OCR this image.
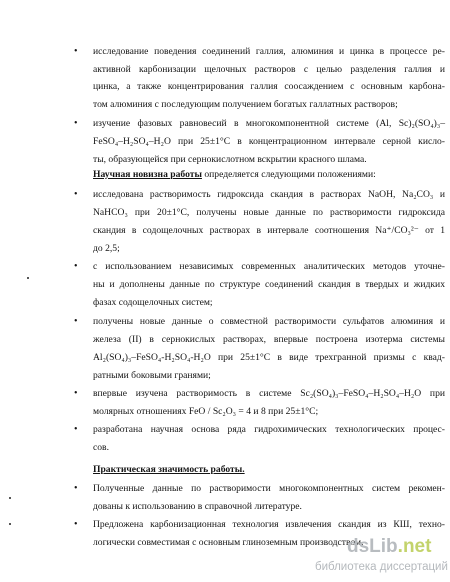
• исследование поведения соединений галлия, алюминия и цинка в процессе ре-
активной карбонизации щелочных растворов с целью разделения галлия и
цинка, а также концентрирования галлия соосаждением с основным карбона-
том алюминия с последующим получением богатых галлатных растворов;
• изучение фазовых равновесий в многокомпонентной системе (Al, Sc)₂(SO₄)₃–
FeSO₄–H₂SO₄–H₂O при 25±1°C в концентрационном интервале серной кисло-
ты, образующейся при сернокислотном вскрытии красного шлама.
Научная новизна работы определяется следующими положениями:
• исследована растворимость гидроксида скандия в растворах NaOH, Na₂CO₃ и
NaHCO₃ при 20±1°C, получены новые данные по растворимости гидроксида
скандия в содощелочных растворах в интервале соотношения Na⁺/CO₃²⁻ от 1
до 2,5;
• с использованием независимых современных аналитических методов уточне-
ны и дополнены данные по структуре соединений скандия в твердых и жидких
фазах содощелочных систем;
• получены новые данные о совместной растворимости сульфатов алюминия и
железа (II) в сернокислых растворах, впервые построена изотерма системы
Al₂(SO₄)₃–FeSO₄-H₂SO₄-H₂O при 25±1°C в виде трехгранной призмы с квад-
ратными боковыми гранями;
• впервые изучена растворимость в системе Sc₂(SO₄)₃–FeSO₄–H₂SO₄–H₂O при
молярных отношениях FeO / Sc₂O₃ = 4 и 8 при 25±1°C;
• разработана научная основа ряда гидрохимических технологических процес-
сов.
Практическая значимость работы.
• Полученные данные по растворимости многокомпонентных систем рекомен-
дованы к использованию в справочной литературе.
• Предложена карбонизационная технология извлечения скандия из КШ, техно-
логически совместимая с основным глиноземным производством.
dsLib.net
библиотека диссертаций
